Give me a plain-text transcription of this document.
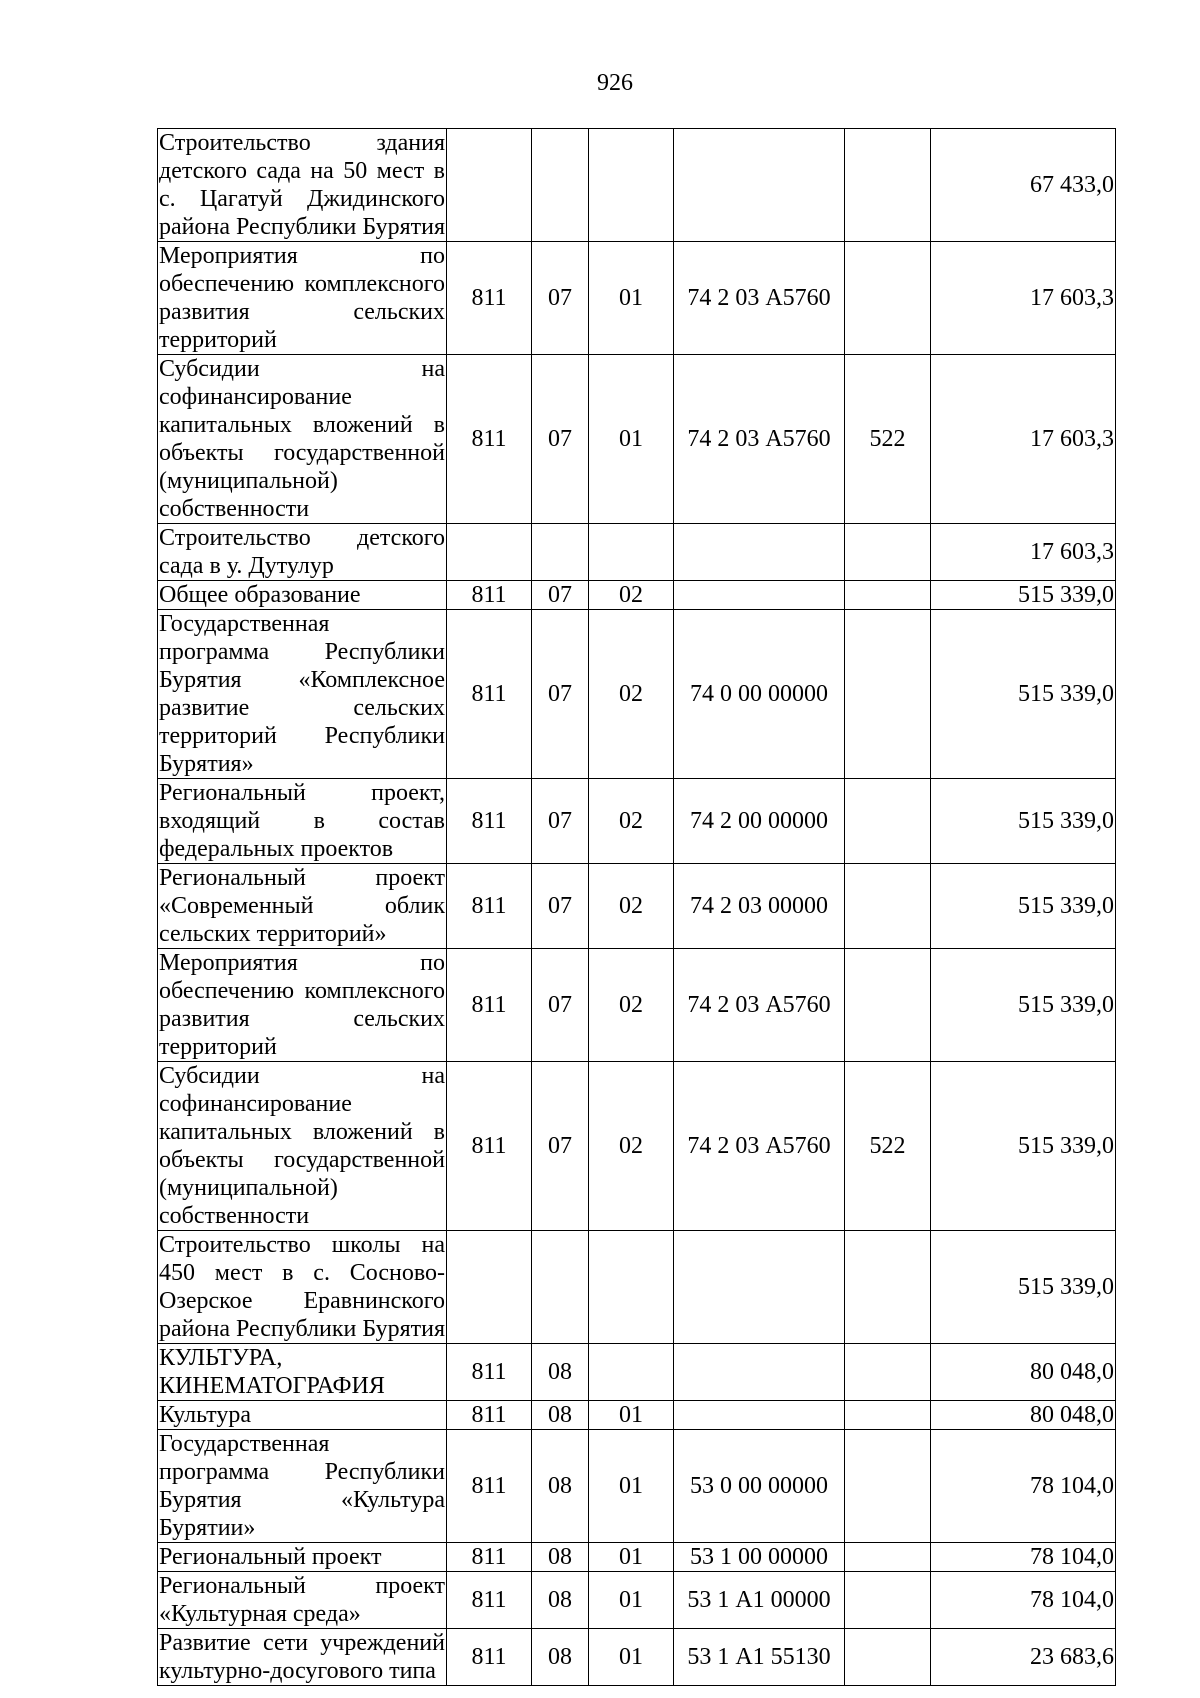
926
Строительство здания детского сада на 50 мест в с. Цагатуй Джидинского района Республики Бурятия						67 433,0
Мероприятия по обеспечению комплексного развития сельских территорий	811	07	01	74 2 03 А5760		17 603,3
Субсидии на софинансирование капитальных вложений в объекты государственной (муниципальной) собственности	811	07	01	74 2 03 А5760	522	17 603,3
Строительство детского сада в у. Дутулур						17 603,3
Общее образование	811	07	02			515 339,0
Государственная программа Республики Бурятия «Комплексное развитие сельских территорий Республики Бурятия»	811	07	02	74 0 00 00000		515 339,0
Региональный проект, входящий в состав федеральных проектов	811	07	02	74 2 00 00000		515 339,0
Региональный проект «Современный облик сельских территорий»	811	07	02	74 2 03 00000		515 339,0
Мероприятия по обеспечению комплексного развития сельских территорий	811	07	02	74 2 03 А5760		515 339,0
Субсидии на софинансирование капитальных вложений в объекты государственной (муниципальной) собственности	811	07	02	74 2 03 А5760	522	515 339,0
Строительство школы на 450 мест в с. Сосново-Озерское Еравнинского района Республики Бурятия						515 339,0
КУЛЬТУРА, КИНЕМАТОГРАФИЯ	811	08				80 048,0
Культура	811	08	01			80 048,0
Государственная программа Республики Бурятия «Культура Бурятии»	811	08	01	53 0 00 00000		78 104,0
Региональный проект	811	08	01	53 1 00 00000		78 104,0
Региональный проект «Культурная среда»	811	08	01	53 1 А1 00000		78 104,0
Развитие сети учреждений культурно-досугового типа	811	08	01	53 1 А1 55130		23 683,6
